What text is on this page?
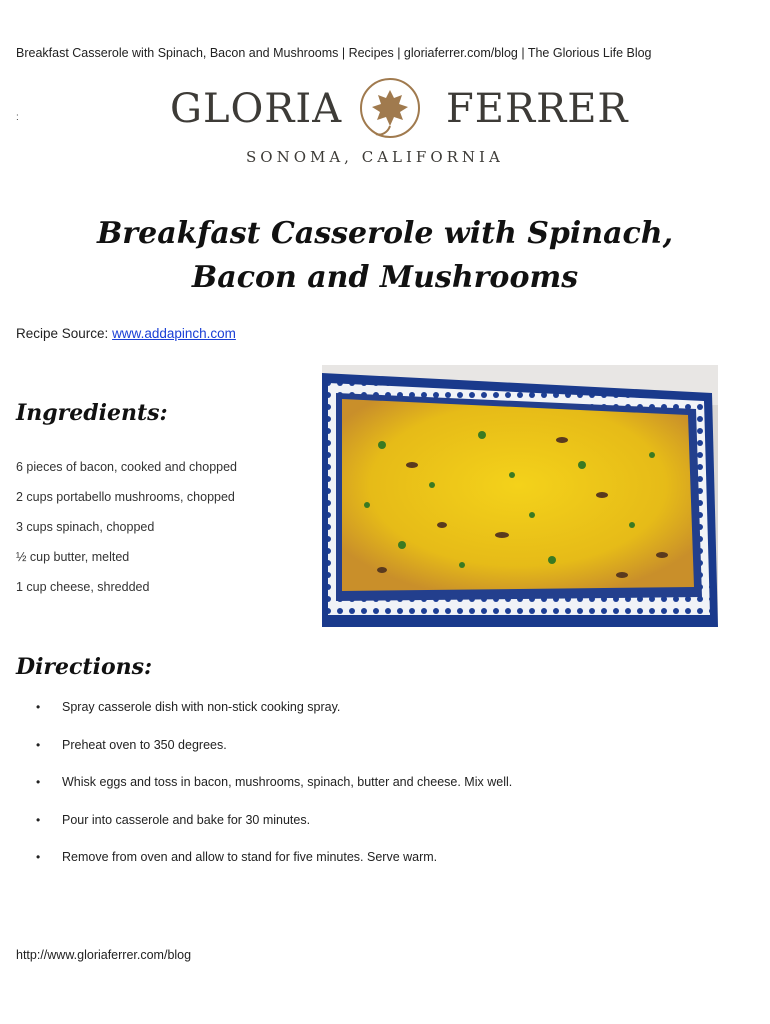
Breakfast Casserole with Spinach, Bacon and Mushrooms | Recipes | gloriaferrer.com/blog | The Glorious Life Blog
:	GLORIA	FERRER
SONOMA, CALIFORNIA
Breakfast Casserole with Spinach, Bacon and Mushrooms
Recipe Source: www.addapinch.com
Ingredients:
6 pieces of bacon, cooked and chopped
2 cups portabello mushrooms, chopped
3 cups spinach, chopped
½ cup butter, melted
1 cup cheese, shredded
Directions:
• Spray casserole dish with non-stick cooking spray.
• Preheat oven to 350 degrees.
• Whisk eggs and toss in bacon, mushrooms, spinach, butter and cheese. Mix well.
• Pour into casserole and bake for 30 minutes.
• Remove from oven and allow to stand for five minutes. Serve warm.
http://www.gloriaferrer.com/blog
